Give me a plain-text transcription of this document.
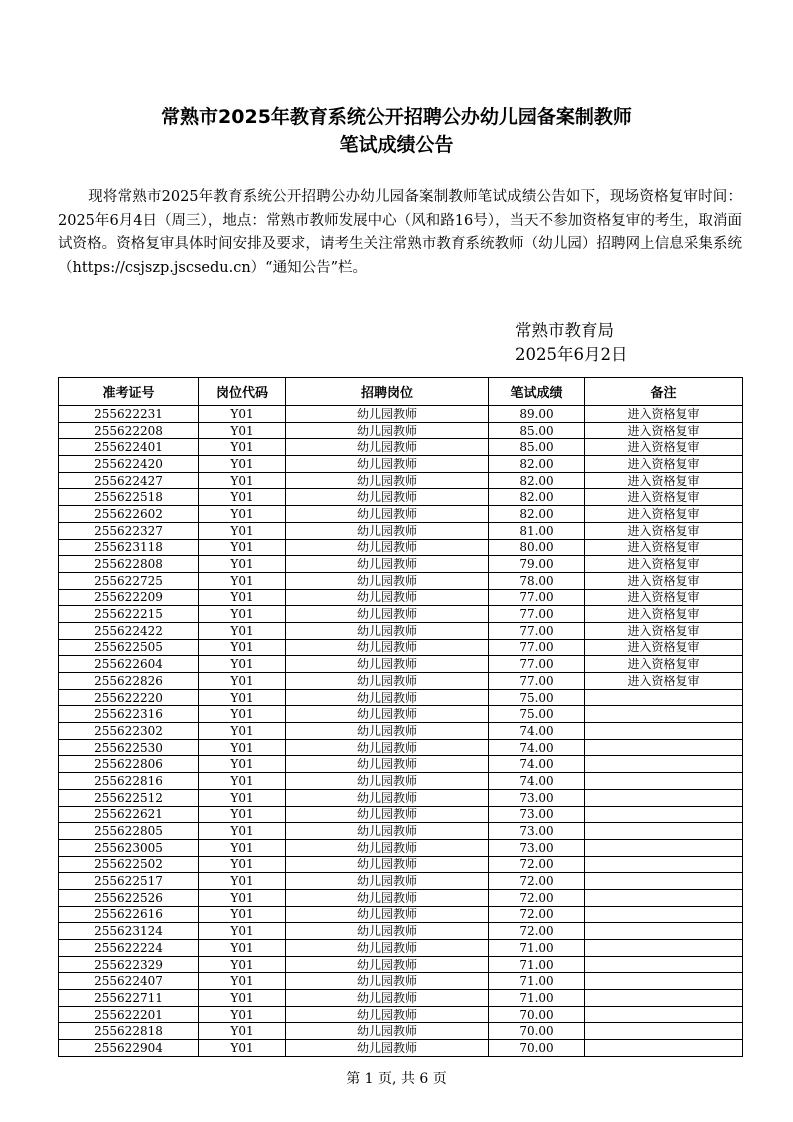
常熟市2025年教育系统公开招聘公办幼儿园备案制教师
笔试成绩公告
现将常熟市2025年教育系统公开招聘公办幼儿园备案制教师笔试成绩公告如下，现场资格复审时间：2025年6月4日（周三），地点：常熟市教师发展中心（风和路16号），当天不参加资格复审的考生，取消面试资格。资格复审具体时间安排及要求，请考生关注常熟市教育系统教师（幼儿园）招聘网上信息采集系统（https://csjszp.jscsedu.cn）“通知公告”栏。
常熟市教育局
2025年6月2日
准考证号	岗位代码	招聘岗位	笔试成绩	备注
255622231	Y01	幼儿园教师	89.00	进入资格复审
255622208	Y01	幼儿园教师	85.00	进入资格复审
255622401	Y01	幼儿园教师	85.00	进入资格复审
255622420	Y01	幼儿园教师	82.00	进入资格复审
255622427	Y01	幼儿园教师	82.00	进入资格复审
255622518	Y01	幼儿园教师	82.00	进入资格复审
255622602	Y01	幼儿园教师	82.00	进入资格复审
255622327	Y01	幼儿园教师	81.00	进入资格复审
255623118	Y01	幼儿园教师	80.00	进入资格复审
255622808	Y01	幼儿园教师	79.00	进入资格复审
255622725	Y01	幼儿园教师	78.00	进入资格复审
255622209	Y01	幼儿园教师	77.00	进入资格复审
255622215	Y01	幼儿园教师	77.00	进入资格复审
255622422	Y01	幼儿园教师	77.00	进入资格复审
255622505	Y01	幼儿园教师	77.00	进入资格复审
255622604	Y01	幼儿园教师	77.00	进入资格复审
255622826	Y01	幼儿园教师	77.00	进入资格复审
255622220	Y01	幼儿园教师	75.00	
255622316	Y01	幼儿园教师	75.00	
255622302	Y01	幼儿园教师	74.00	
255622530	Y01	幼儿园教师	74.00	
255622806	Y01	幼儿园教师	74.00	
255622816	Y01	幼儿园教师	74.00	
255622512	Y01	幼儿园教师	73.00	
255622621	Y01	幼儿园教师	73.00	
255622805	Y01	幼儿园教师	73.00	
255623005	Y01	幼儿园教师	73.00	
255622502	Y01	幼儿园教师	72.00	
255622517	Y01	幼儿园教师	72.00	
255622526	Y01	幼儿园教师	72.00	
255622616	Y01	幼儿园教师	72.00	
255623124	Y01	幼儿园教师	72.00	
255622224	Y01	幼儿园教师	71.00	
255622329	Y01	幼儿园教师	71.00	
255622407	Y01	幼儿园教师	71.00	
255622711	Y01	幼儿园教师	71.00	
255622201	Y01	幼儿园教师	70.00	
255622818	Y01	幼儿园教师	70.00	
255622904	Y01	幼儿园教师	70.00	
第 1 页, 共 6 页
